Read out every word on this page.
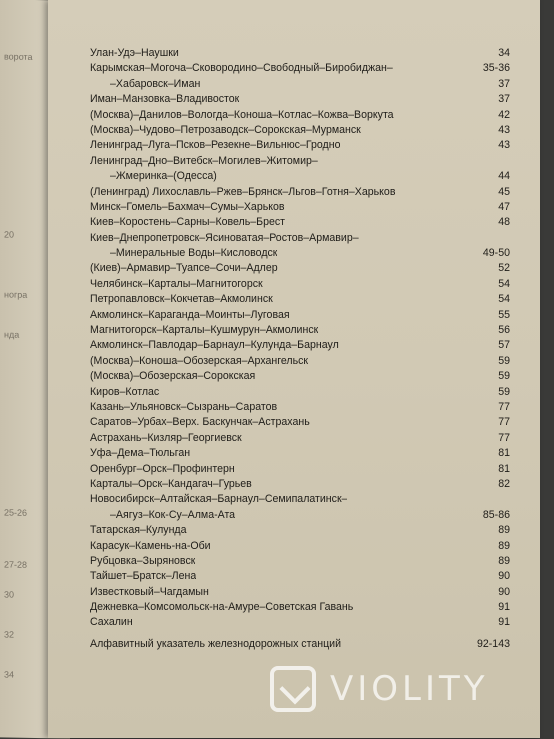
ворота
20
ногра
нда
25-26
27-28
30
32
34
Улан-Удэ–Наушки	34
Карымская–Могоча–Сковородино–Свободный–Биробиджан–	35-36
–Хабаровск–Иман	37
Иман–Манзовка–Владивосток	37
(Москва)–Данилов–Вологда–Коноша–Котлас–Кожва–Воркута	42
(Москва)–Чудово–Петрозаводск–Сорокская–Мурманск	43
Ленинград–Луга–Псков–Резекне–Вильнюс–Гродно	43
Ленинград–Дно–Витебск–Могилев–Житомир–
–Жмеринка–(Одесса)	44
(Ленинград) Лихославль–Ржев–Брянск–Льгов–Готня–Харьков	45
Минск–Гомель–Бахмач–Сумы–Харьков	47
Киев–Коростень–Сарны–Ковель–Брест	48
Киев–Днепропетровск–Ясиноватая–Ростов–Армавир–
–Минеральные Воды–Кисловодск	49-50
(Киев)–Армавир–Туапсе–Сочи–Адлер	52
Челябинск–Карталы–Магнитогорск	54
Петропавловск–Кокчетав–Акмолинск	54
Акмолинск–Караганда–Моинты–Луговая	55
Магнитогорск–Карталы–Кушмурун–Акмолинск	56
Акмолинск–Павлодар–Барнаул–Кулунда–Барнаул	57
(Москва)–Коноша–Обозерская–Архангельск	59
(Москва)–Обозерская–Сорокская	59
Киров–Котлас	59
Казань–Ульяновск–Сызрань–Саратов	77
Саратов–Урбах–Верх. Баскунчак–Астрахань	77
Астрахань–Кизляр–Георгиевск	77
Уфа–Дема–Тюльган	81
Оренбург–Орск–Профинтерн	81
Карталы–Орск–Кандагач–Гурьев	82
Новосибирск–Алтайская–Барнаул–Семипалатинск–
–Аягуз–Кок-Су–Алма-Ата	85-86
Татарская–Кулунда	89
Карасук–Камень-на-Оби	89
Рубцовка–Зыряновск	89
Тайшет–Братск–Лена	90
Известковый–Чагдамын	90
Дежневка–Комсомольск-на-Амуре–Советская Гавань	91
Сахалин	91
Алфавитный указатель железнодорожных станций	92-143
VIOLITY
